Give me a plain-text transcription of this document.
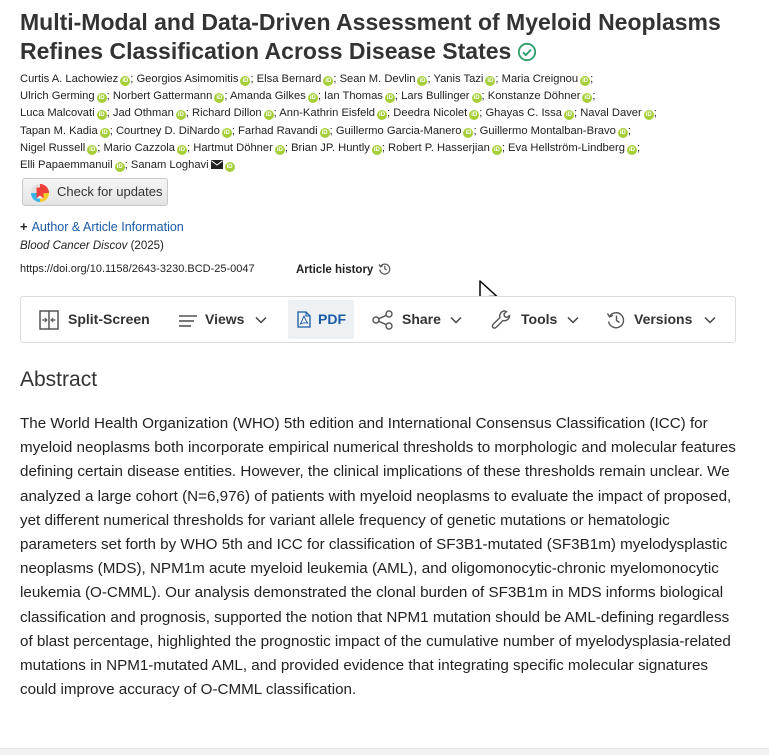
Multi-Modal and Data-Driven Assessment of Myeloid Neoplasms Refines Classification Across Disease States
Curtis A. Lachowiez iD ; Georgios Asimomitis iD ; Elsa Bernard iD ; Sean M. Devlin iD ; Yanis Tazi iD ; Maria Creignou iD ;
Ulrich Germing iD ; Norbert Gattermann iD ; Amanda Gilkes iD ; Ian Thomas iD ; Lars Bullinger iD ; Konstanze Döhner iD ;
Luca Malcovati iD ; Jad Othman iD ; Richard Dillon iD ; Ann-Kathrin Eisfeld iD ; Deedra Nicolet iD ; Ghayas C. Issa iD ; Naval Daver iD ;
Tapan M. Kadia iD ; Courtney D. DiNardo iD ; Farhad Ravandi iD ; Guillermo Garcia-Manero iD ; Guillermo Montalban-Bravo iD ;
Nigel Russell iD ; Mario Cazzola iD ; Hartmut Döhner iD ; Brian JP. Huntly iD ; Robert P. Hasserjian iD ; Eva Hellström-Lindberg iD ;
Elli Papaemmanuil iD ; Sanam Loghavi	iD
Check for updates
+ Author & Article Information
Blood Cancer Discov (2025)
https://doi.org/10.1158/2643-3230.BCD-25-0047	Article history
Split-Screen	Views	PDF	Share	Tools	Versions
Abstract

The World Health Organization (WHO) 5th edition and International Consensus Classification (ICC) for myeloid neoplasms both incorporate empirical numerical thresholds to morphologic and molecular features defining certain disease entities. However, the clinical implications of these thresholds remain unclear. We analyzed a large cohort (N=6,976) of patients with myeloid neoplasms to evaluate the impact of proposed, yet different numerical thresholds for variant allele frequency of genetic mutations or hematologic parameters set forth by WHO 5th and ICC for classification of SF3B1-mutated (SF3B1m) myelodysplastic neoplasms (MDS), NPM1m acute myeloid leukemia (AML), and oligomonocytic-chronic myelomonocytic leukemia (O-CMML). Our analysis demonstrated the clonal burden of SF3B1m in MDS informs biological classification and prognosis, supported the notion that NPM1 mutation should be AML-defining regardless of blast percentage, highlighted the prognostic impact of the cumulative number of myelodysplasia-related mutations in NPM1-mutated AML, and provided evidence that integrating specific molecular signatures could improve accuracy of O-CMML classification.
